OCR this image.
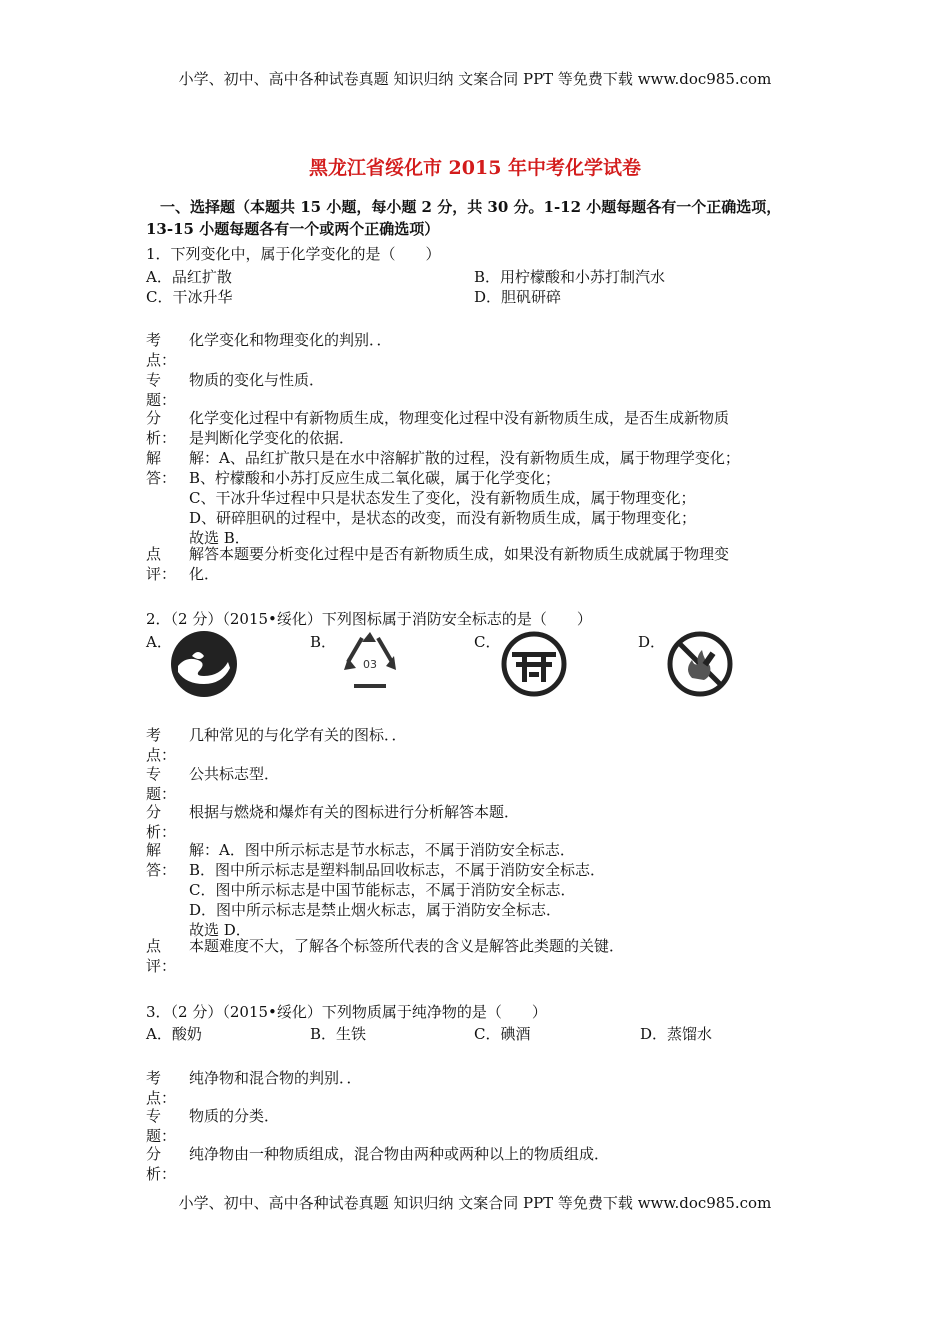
小学、初中、高中各种试卷真题 知识归纳 文案合同 PPT 等免费下载 www.doc985.com
黑龙江省绥化市 2015 年中考化学试卷
一、选择题（本题共 15 小题，每小题 2 分，共 30 分。1-12 小题每题各有一个正确选项，
13-15 小题每题各有一个或两个正确选项）
1．下列变化中，属于化学变化的是（　　）
A．品红扩散	B．用柠檬酸和小苏打制汽水
C．干冰升华	D．胆矾研碎
考
点：
化学变化和物理变化的判别．．
专
题：
物质的变化与性质．
分
析：
化学变化过程中有新物质生成，物理变化过程中没有新物质生成，是否生成新物质
是判断化学变化的依据．
解
答：
解：A、品红扩散只是在水中溶解扩散的过程，没有新物质生成，属于物理学变化；
B、柠檬酸和小苏打反应生成二氧化碳，属于化学变化；
C、干冰升华过程中只是状态发生了变化，没有新物质生成，属于物理变化；
D、研碎胆矾的过程中，是状态的改变，而没有新物质生成，属于物理变化；
故选 B．
点
评：
解答本题要分析变化过程中是否有新物质生成，如果没有新物质生成就属于物理变
化．
2．（2 分）（2015•绥化）下列图标属于消防安全标志的是（　　）
A．	B．	C．	D．
03
考
点：
几种常见的与化学有关的图标．．
专
题：
公共标志型．
分
析：
根据与燃烧和爆炸有关的图标进行分析解答本题．
解
答：
解：A．图中所示标志是节水标志，不属于消防安全标志．
B．图中所示标志是塑料制品回收标志，不属于消防安全标志．
C．图中所示标志是中国节能标志，不属于消防安全标志．
D．图中所示标志是禁止烟火标志，属于消防安全标志．
故选 D．
点
评：
本题难度不大，了解各个标签所代表的含义是解答此类题的关键．
3．（2 分）（2015•绥化）下列物质属于纯净物的是（　　）
A．酸奶	B．生铁	C．碘酒	D．蒸馏水
考
点：
纯净物和混合物的判别．．
专
题：
物质的分类．
分
析：
纯净物由一种物质组成，混合物由两种或两种以上的物质组成．
小学、初中、高中各种试卷真题 知识归纳 文案合同 PPT 等免费下载 www.doc985.com
